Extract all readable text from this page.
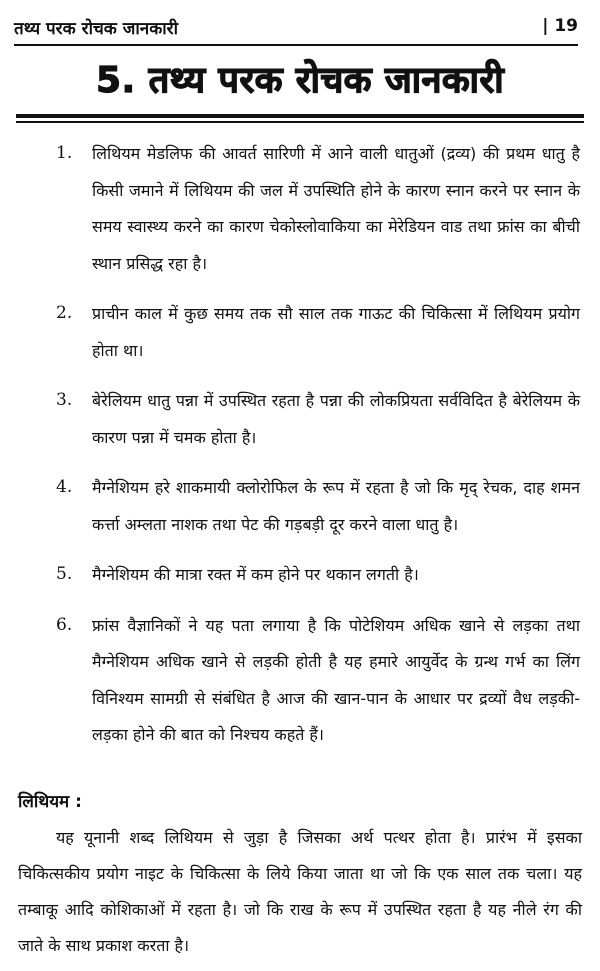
तथ्य परक रोचक जानकारी	| 19
5. तथ्य परक रोचक जानकारी
1. लिथियम मेडलिफ की आवर्त सारिणी में आने वाली धातुओं (द्रव्य) की प्रथम धातु है किसी जमाने में लिथियम की जल में उपस्थिति होने के कारण स्नान करने पर स्नान के समय स्वास्थ्य करने का कारण चेकोस्लोवाकिया का मेरेडियन वाड तथा फ्रांस का बीची स्थान प्रसिद्ध रहा है।
2. प्राचीन काल में कुछ समय तक सौ साल तक गाऊट की चिकित्सा में लिथियम प्रयोग होता था।
3. बेरेलियम धातु पन्ना में उपस्थित रहता है पन्ना की लोकप्रियता सर्वविदित है बेरेलियम के कारण पन्ना में चमक होता है।
4. मैग्नेशियम हरे शाकमायी क्लोरोफिल के रूप में रहता है जो कि मृद् रेचक, दाह शमन कर्त्ता अम्लता नाशक तथा पेट की गड़बड़ी दूर करने वाला धातु है।
5. मैग्नेशियम की मात्रा रक्त में कम होने पर थकान लगती है।
6. फ्रांस वैज्ञानिकों ने यह पता लगाया है कि पोटेशियम अधिक खाने से लड़का तथा मैग्नेशियम अधिक खाने से लड़की होती है यह हमारे आयुर्वेद के ग्रन्थ गर्भ का लिंग विनिश्यम सामग्री से संबंधित है आज की खान-पान के आधार पर द्रव्यों वैध लड़की-लड़का होने की बात को निश्चय कहते हैं।
लिथियम :

यह यूनानी शब्द लिथियम से जुड़ा है जिसका अर्थ पत्थर होता है। प्रारंभ में इसका चिकित्सकीय प्रयोग नाइट के चिकित्सा के लिये किया जाता था जो कि एक साल तक चला। यह तम्बाकू आदि कोशिकाओं में रहता है। जो कि राख के रूप में उपस्थित रहता है यह नीले रंग की जाते के साथ प्रकाश करता है।
